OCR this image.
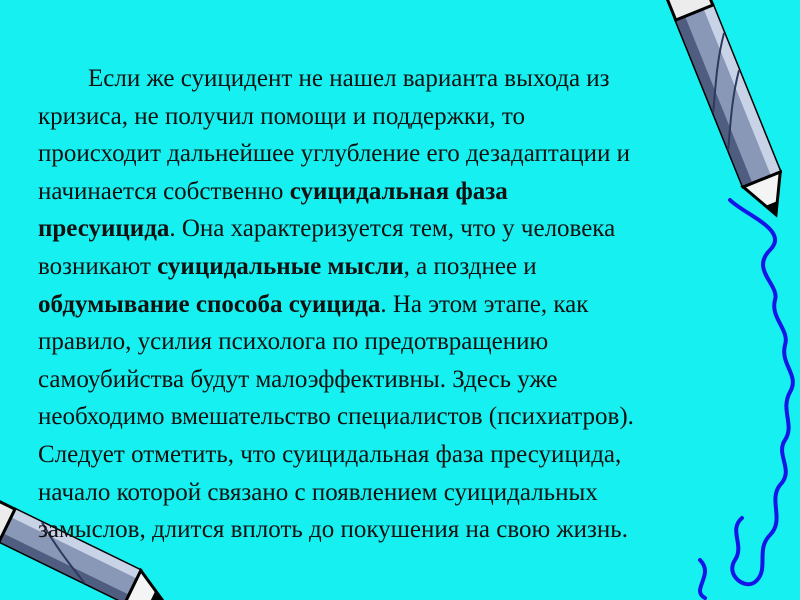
Если же суицидент не нашел варианта выхода из
кризиса, не получил помощи и поддержки, то
происходит дальнейшее углубление его дезадаптации и
начинается собственно суицидальная фаза
пресуицида. Она характеризуется тем, что у человека
возникают суицидальные мысли, а позднее и
обдумывание способа суицида. На этом этапе, как
правило, усилия психолога по предотвращению
самоубийства будут малоэффективны. Здесь уже
необходимо вмешательство специалистов (психиатров).
Следует отметить, что суицидальная фаза пресуицида,
начало которой связано с появлением суицидальных
замыслов, длится вплоть до покушения на свою жизнь.
